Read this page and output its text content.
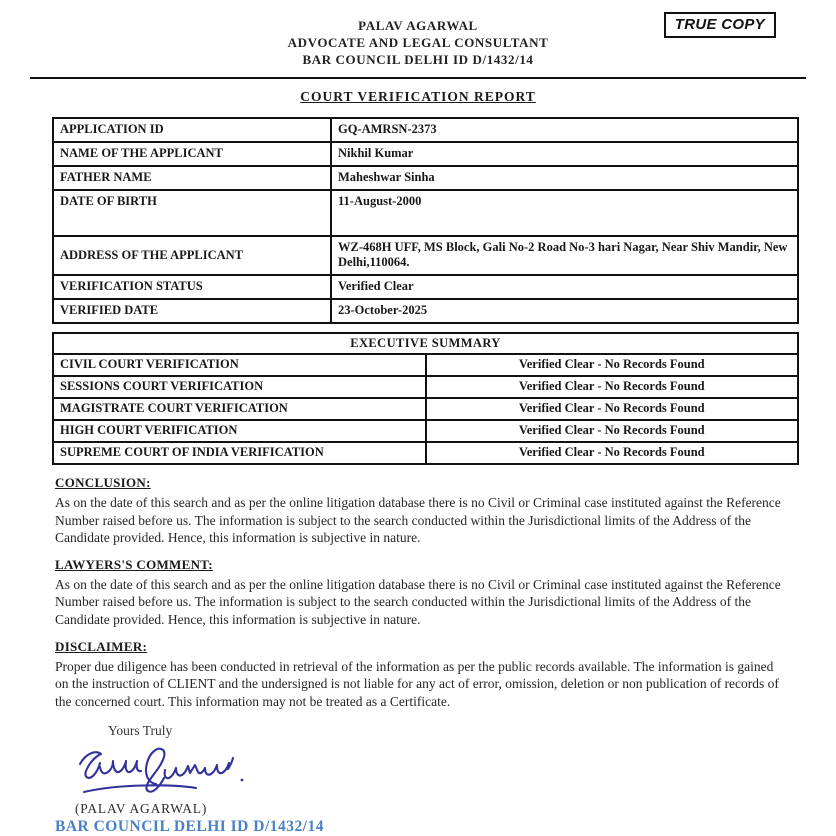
PALAV AGARWAL
ADVOCATE AND LEGAL CONSULTANT
BAR COUNCIL DELHI ID D/1432/14
TRUE COPY
COURT VERIFICATION REPORT
APPLICATION ID	GQ-AMRSN-2373
NAME OF THE APPLICANT	Nikhil Kumar
FATHER NAME	Maheshwar Sinha
DATE OF BIRTH	11-August-2000
ADDRESS OF THE APPLICANT	WZ-468H UFF, MS Block, Gali No-2 Road No-3 hari Nagar, Near Shiv Mandir, New Delhi,110064.
VERIFICATION STATUS	Verified Clear
VERIFIED DATE	23-October-2025
EXECUTIVE SUMMARY	
CIVIL COURT VERIFICATION	Verified Clear - No Records Found
SESSIONS COURT VERIFICATION	Verified Clear - No Records Found
MAGISTRATE COURT VERIFICATION	Verified Clear - No Records Found
HIGH COURT VERIFICATION	Verified Clear - No Records Found
SUPREME COURT OF INDIA VERIFICATION	Verified Clear - No Records Found
CONCLUSION:

As on the date of this search and as per the online litigation database there is no Civil or Criminal case instituted against the Reference Number raised before us. The information is subject to the search conducted within the Jurisdictional limits of the Address of the Candidate provided. Hence, this information is subjective in nature.

LAWYERS'S COMMENT:

As on the date of this search and as per the online litigation database there is no Civil or Criminal case instituted against the Reference Number raised before us. The information is subject to the search conducted within the Jurisdictional limits of the Address of the Candidate provided. Hence, this information is subjective in nature.

DISCLAIMER:

Proper due diligence has been conducted in retrieval of the information as per the public records available. The information is gained on the instruction of CLIENT and the undersigned is not liable for any act of error, omission, deletion or non publication of records of the concerned court. This information may not be treated as a Certificate.

Yours Truly
(PALAV AGARWAL)
BAR COUNCIL DELHI ID D/1432/14
